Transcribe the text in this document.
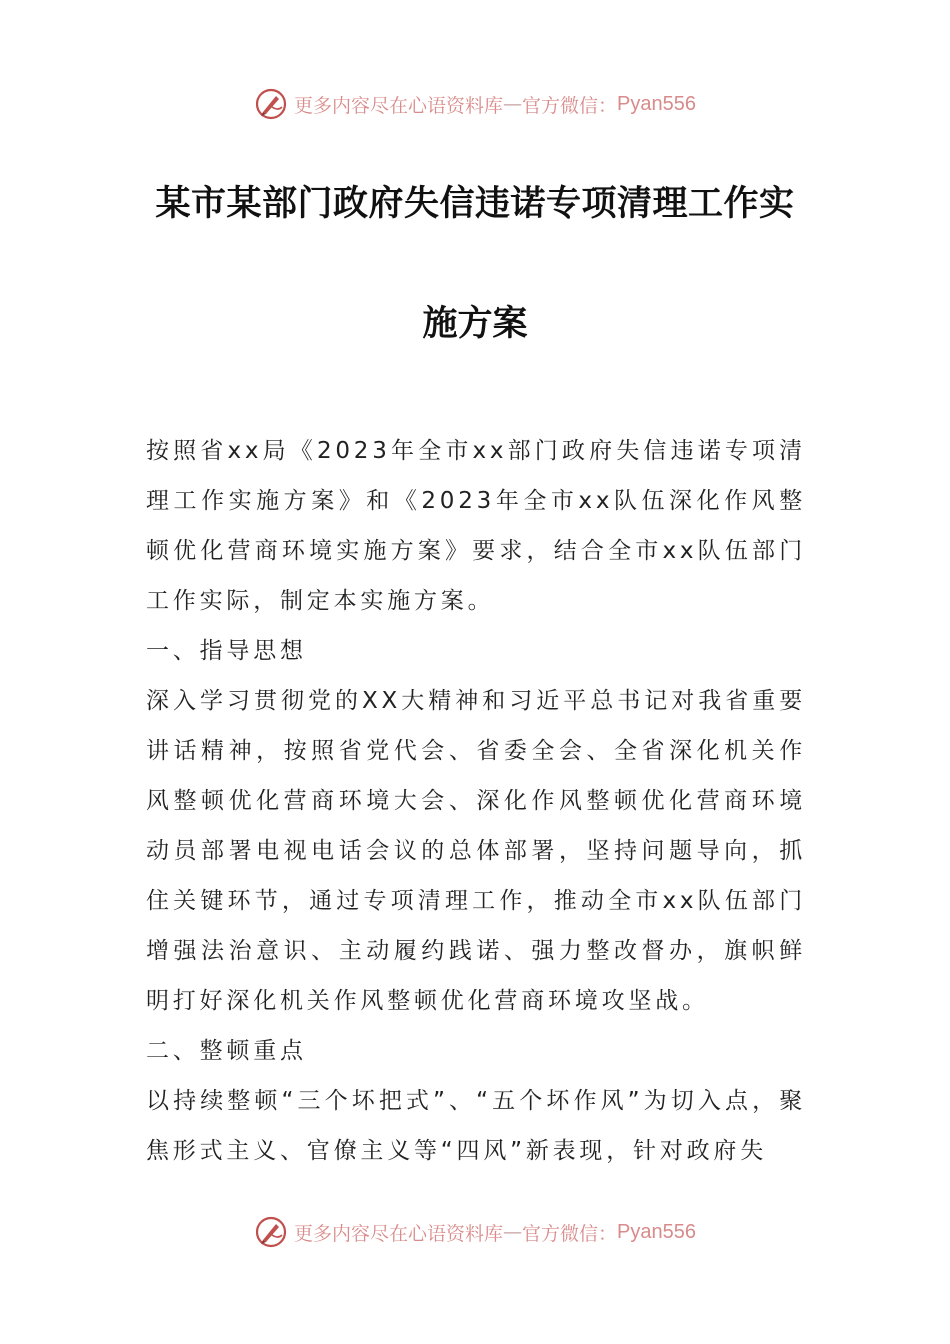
更多内容尽在心语资料库 — 官方微信： Pyan556
某市某部门政府失信违诺专项清理工作实
施方案

按照省xx局《2023年全市xx部门政府失信违诺专项清理工作实施方案》和《2023年全市xx队伍深化作风整顿优化营商环境实施方案》要求，结合全市xx队伍部门工作实际，制定本实施方案。

一、指导思想

深入学习贯彻党的XX大精神和习近平总书记对我省重要讲话精神，按照省党代会、省委全会、全省深化机关作风整顿优化营商环境大会、深化作风整顿优化营商环境动员部署电视电话会议的总体部署，坚持问题导向，抓住关键环节，通过专项清理工作，推动全市xx队伍部门增强法治意识、主动履约践诺、强力整改督办，旗帜鲜明打好深化机关作风整顿优化营商环境攻坚战。

二、整顿重点

以持续整顿“三个坏把式”、“五个坏作风”为切入点，聚焦形式主义、官僚主义等“四风”新表现，针对政府失

更多内容尽在心语资料库 — 官方微信： Pyan556
